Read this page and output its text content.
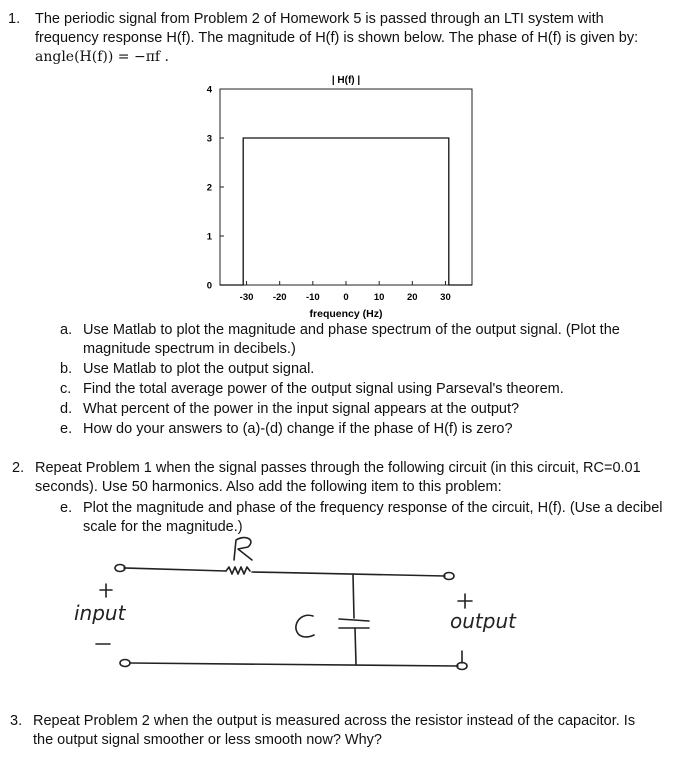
1. The periodic signal from Problem 2 of Homework 5 is passed through an LTI system with
frequency response H(f). The magnitude of H(f) is shown below. The phase of H(f) is given by:
angle(H(f)) = −πf .
| H(f) |
0
1
2
3
4
-30 -20 -10 0	10 20 30
frequency (Hz)
a. Use Matlab to plot the magnitude and phase spectrum of the output signal. (Plot the
magnitude spectrum in decibels.)
b. Use Matlab to plot the output signal.
c. Find the total average power of the output signal using Parseval's theorem.
d. What percent of the power in the input signal appears at the output?
e. How do your answers to (a)-(d) change if the phase of H(f) is zero?
2. Repeat Problem 1 when the signal passes through the following circuit (in this circuit, RC=0.01
seconds). Use 50 harmonics. Also add the following item to this problem:
e. Plot the magnitude and phase of the frequency response of the circuit, H(f). (Use a decibel
scale for the magnitude.)
input	output
3. Repeat Problem 2 when the output is measured across the resistor instead of the capacitor. Is
the output signal smoother or less smooth now? Why?
